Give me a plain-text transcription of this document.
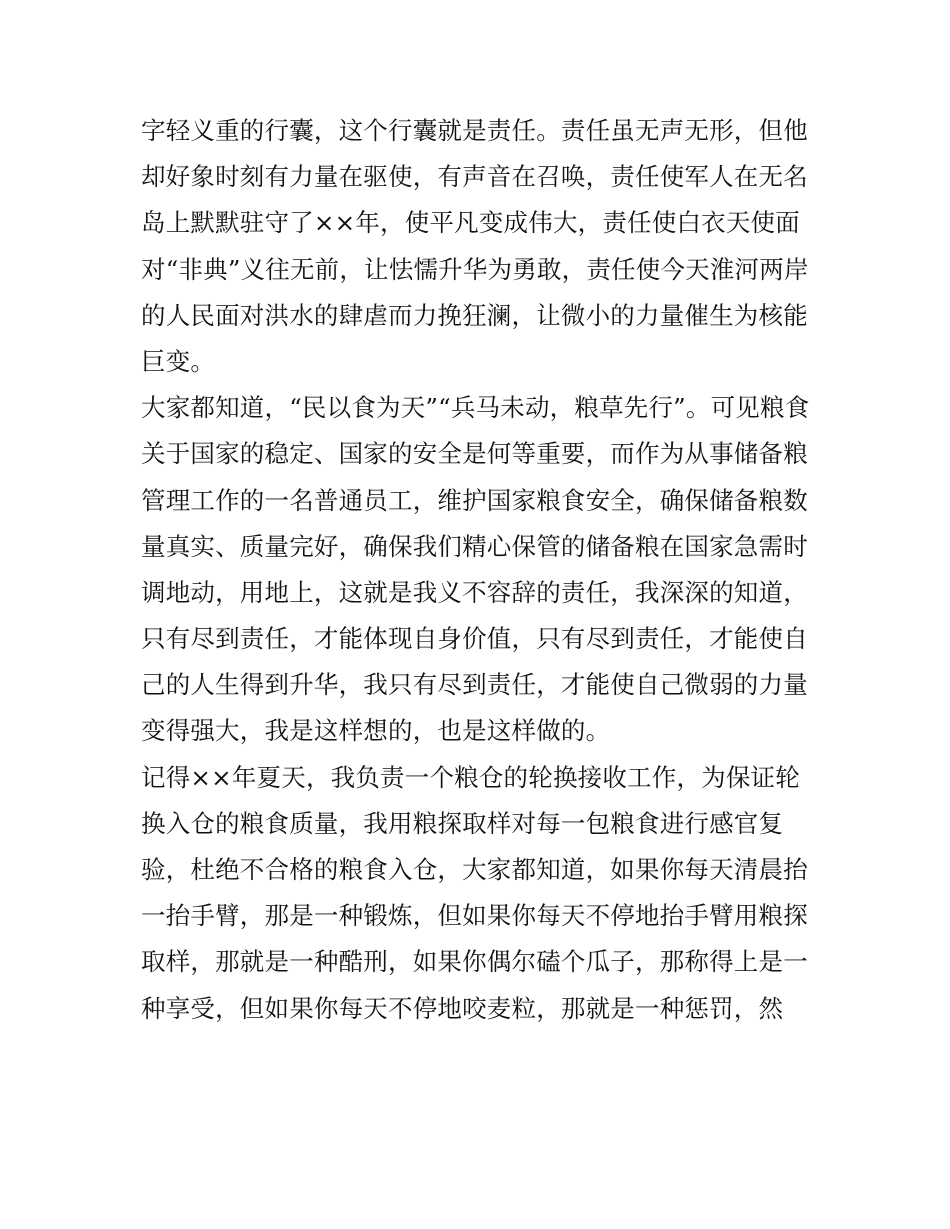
字轻义重的行囊，这个行囊就是责任。责任虽无声无形，但他
却好象时刻有力量在驱使，有声音在召唤，责任使军人在无名
岛上默默驻守了××年，使平凡变成伟大，责任使白衣天使面
对“非典”义往无前，让怯懦升华为勇敢，责任使今天淮河两岸
的人民面对洪水的肆虐而力挽狂澜，让微小的力量催生为核能
巨变。
大家都知道，“民以食为天”“兵马未动，粮草先行”。可见粮食
关于国家的稳定、国家的安全是何等重要，而作为从事储备粮
管理工作的一名普通员工，维护国家粮食安全，确保储备粮数
量真实、质量完好，确保我们精心保管的储备粮在国家急需时
调地动，用地上，这就是我义不容辞的责任，我深深的知道，
只有尽到责任，才能体现自身价值，只有尽到责任，才能使自
己的人生得到升华，我只有尽到责任，才能使自己微弱的力量
变得强大，我是这样想的，也是这样做的。
记得××年夏天，我负责一个粮仓的轮换接收工作，为保证轮
换入仓的粮食质量，我用粮探取样对每一包粮食进行感官复
验，杜绝不合格的粮食入仓，大家都知道，如果你每天清晨抬
一抬手臂，那是一种锻炼，但如果你每天不停地抬手臂用粮探
取样，那就是一种酷刑，如果你偶尔磕个瓜子，那称得上是一
种享受，但如果你每天不停地咬麦粒，那就是一种惩罚，然
